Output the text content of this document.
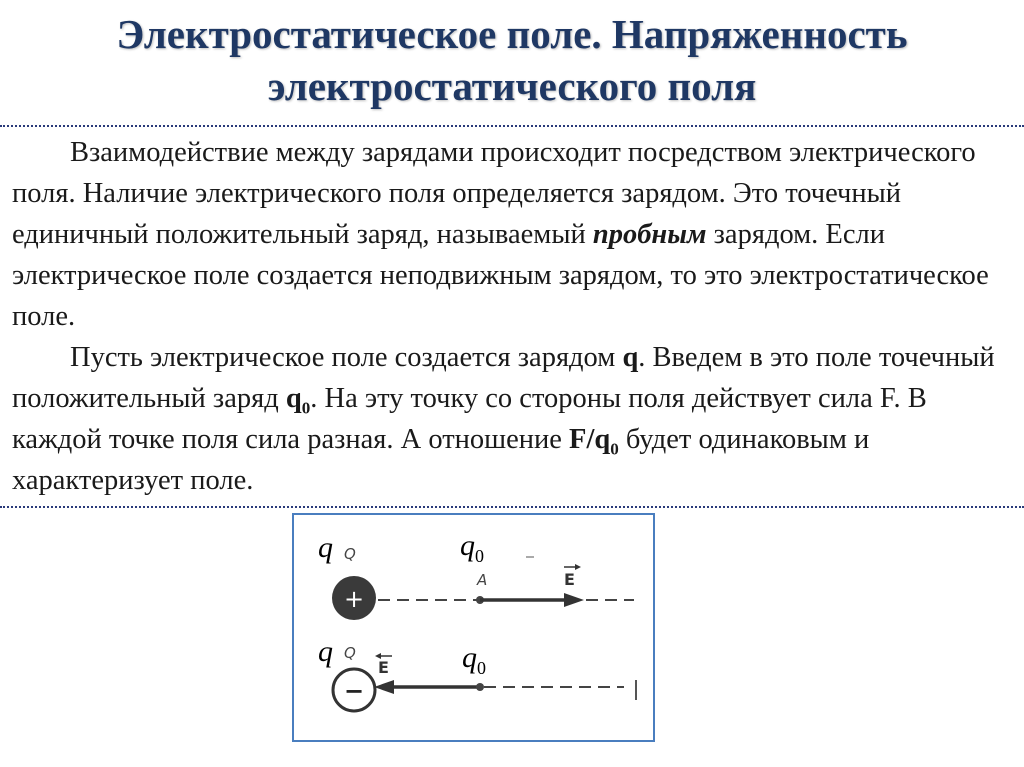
Электростатическое поле. Напряженность
электростатического поля

Взаимодействие между зарядами происходит посредством электрического поля. Наличие электрического поля определяется зарядом. Это точечный единичный положительный заряд, называемый пробным зарядом. Если электрическое поле создается неподвижным зарядом, то это электростатическое поле.

Пусть электрическое поле создается зарядом q. Введем в это поле точечный положительный заряд $q_0$. На эту точку со стороны поля действует сила F. В каждой точке поля сила разная. А отношение $F/q_0$ будет одинаковым и характеризует поле.

+
Q
A	E
−
Q
E
q	$q_0$
q	$q_0$
